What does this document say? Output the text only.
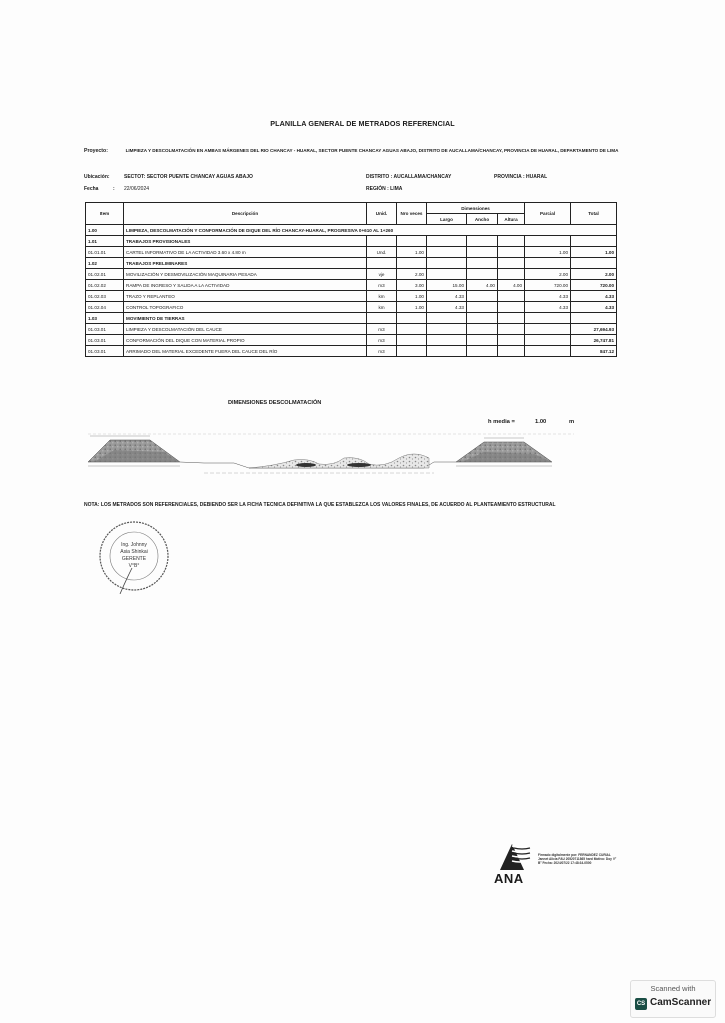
PLANILLA GENERAL DE METRADOS REFERENCIAL
Proyecto:	LIMPIEZA Y DESCOLMATACIÓN EN AMBAS MÁRGENES DEL RIO CHANCAY - HUARAL, SECTOR PUENTE CHANCAY AGUAS ABAJO, DISTRITO DE AUCALLAMA/CHANCAY, PROVINCIA DE HUARAL, DEPARTAMENTO DE LIMA
Ubicación:	SECTOT: SECTOR PUENTE CHANCAY AGUAS ABAJO	DISTRITO : AUCALLAMA/CHANCAY	PROVINCIA : HUARAL
Fecha	: 22/06/2024	REGIÓN : LIMA
Item	Descripción	Unid.	Nro veces	Dimensiones			Parcial	Total
				Largo	Ancho	Altura		
1.00	LIMPIEZA, DESCOLMATACIÓN Y CONFORMACIÓN DE DIQUE DEL RÍO CHANCAY-HUARAL, PROGRESIVA 0+610 AL 1+260							
1.01	TRABAJOS PROVISIONALES							
01.01.01	CARTEL INFORMATIVO DE LA ACTIVIDAD 3.60 x 4.80 m	Und.	1.00				1.00	1.00
1.02	TRABAJOS PRELIMINARES							
01.02.01	MOVILIZACIÓN Y DESMOVILIZACIÓN MAQUINARIA PESADA	vje	2.00				2.00	2.00
01.02.02	RAMPA DE INGRESO Y SALIDA A LA ACTIVIDAD	m3	3.00	15.00	4.00	4.00	720.00	720.00
01.02.03	TRAZO Y REPLANTEO	km	1.00	4.33			4.33	4.33
01.02.04	CONTROL TOPOGRAFICO	km	1.00	4.33			4.33	4.33
1.03	MOVIMIENTO DE TIERRAS							
01.03.01	LIMPIEZA Y DESCOLMATACIÓN DEL CAUCE	m3						27,694.93
01.03.01	CONFORMACIÓN DEL DIQUE CON MATERIAL PROPIO	m3						26,747.81
01.03.01	ARRIMADO DEL MATERIAL EXCEDENTE FUERA DEL CAUCE DEL RÍO	m3						847.12
DIMENSIONES DESCOLMATACIÓN
h media =	1.00	m
NOTA: LOS METRADOS SON REFERENCIALES, DEBIENDO SER LA FICHA TECNICA DEFINITIVA LA QUE ESTABLEZCA LOS VALORES FINALES, DE ACUERDO AL PLANTEAMIENTO ESTRUCTURAL
Ing. Johnny
Asia Shinkai
GERENTE
V°B°
ANA
Firmado digitalmente por: FERNANDEZ CURIAL Jannet Alicia FAU 20520711865 hard Motivo: Doy V° B° Fecha: 2024/07/22 17:48:34-0500
Scanned with
CS CamScanner
